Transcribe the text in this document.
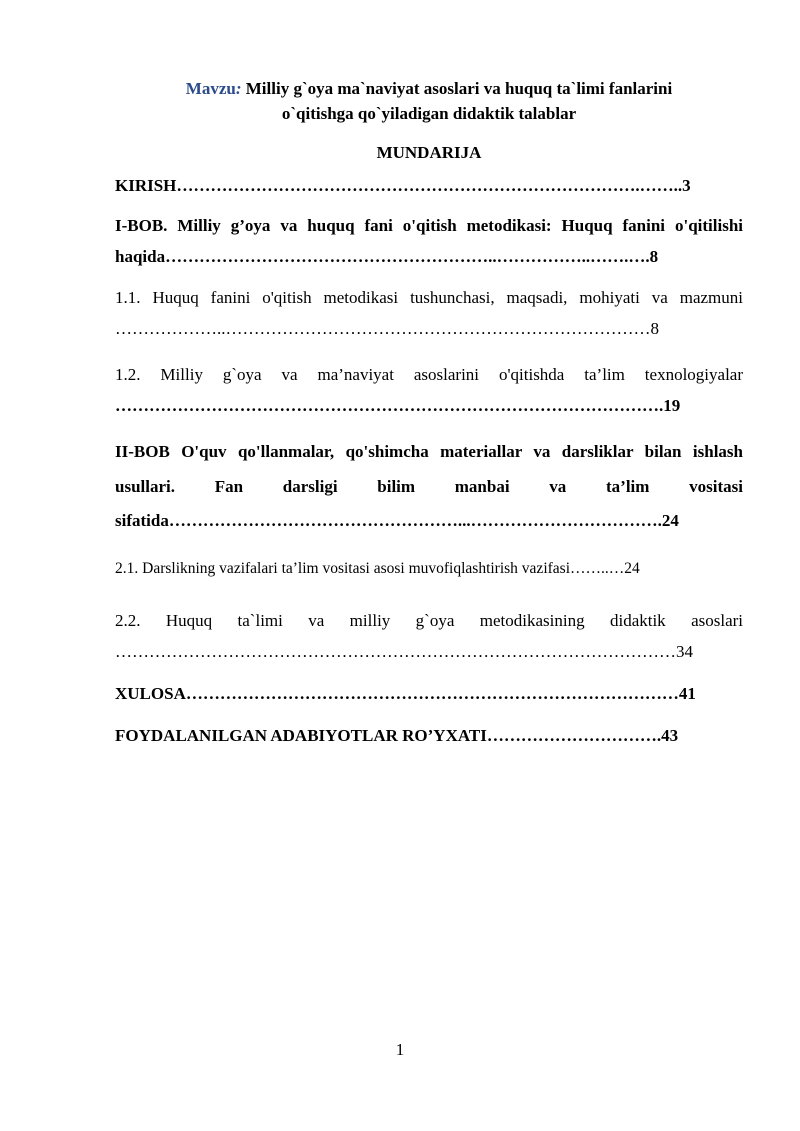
Mavzu: Milliy g`oya ma`naviyat asoslari va huquq ta`limi fanlarini
o`qitishga qo`yiladigan didaktik talablar
MUNDARIJA
KIRISH……………………………………………………………………….……..3
I-BOB. Milliy g’oya va huquq fani o'qitish metodikasi: Huquq fanini o'qitilishi
haqida…………………………………………………..……………..…….….8
1.1. Huquq fanini o'qitish metodikasi tushunchasi, maqsadi, mohiyati va mazmuni
………………..…………………………………………………………………8
1.2. Milliy g`oya va ma’naviyat asoslarini o'qitishda ta’lim texnologiyalar
…………………………………………………………………………………….19
II-BOB O'quv qo'llanmalar, qo'shimcha materiallar va darsliklar bilan ishlash
usullari. Fan darsligi bilim manbai va ta’lim vositasi
sifatida……………………………………………...…………………………….24
2.1. Darslikning vazifalari ta’lim vositasi asosi muvofiqlashtirish vazifasi……..…24
2.2. Huquq ta`limi va milliy g`oya metodikasining didaktik asoslari
………………………………………………………………………………………34
XULOSA……………………………………………………………………………41
FOYDALANILGAN ADABIYOTLAR RO’YXATI………………………….43
1
